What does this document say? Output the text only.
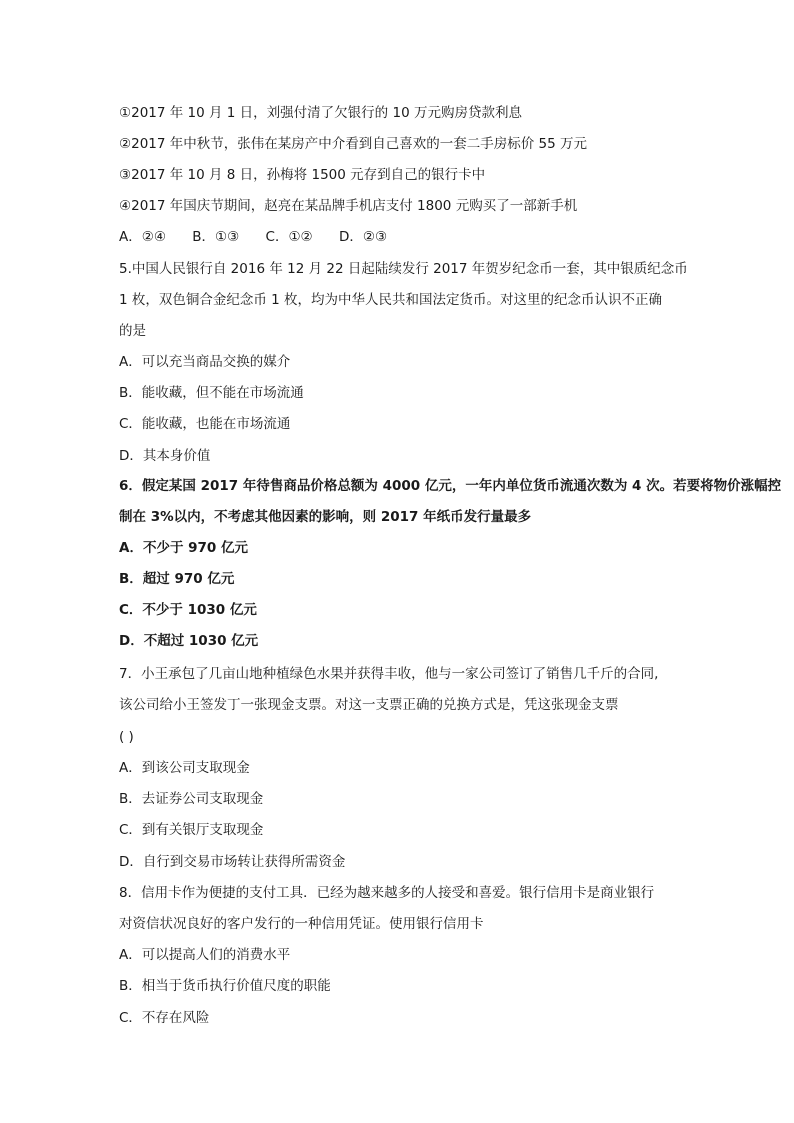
①2017 年 10 月 1 日，刘强付清了欠银行的 10 万元购房贷款利息
②2017 年中秋节，张伟在某房产中介看到自己喜欢的一套二手房标价 55 万元
③2017 年 10 月 8 日，孙梅将 1500 元存到自己的银行卡中
④2017 年国庆节期间，赵亮在某品牌手机店支付 1800 元购买了一部新手机
A．②④ B．①③ C．①② D．②③
5.中国人民银行自 2016 年 12 月 22 日起陆续发行 2017 年贺岁纪念币一套，其中银质纪念币
1 枚，双色铜合金纪念币 1 枚，均为中华人民共和国法定货币。对这里的纪念币认识不正确
的是
A．可以充当商品交换的媒介
B．能收藏，但不能在市场流通
C．能收藏，也能在市场流通
D．其本身价值
6．假定某国 2017 年待售商品价格总额为 4000 亿元，一年内单位货币流通次数为 4 次。若要将物价涨幅控
制在 3%以内，不考虑其他因素的影响，则 2017 年纸币发行量最多
A．不少于 970 亿元
B．超过 970 亿元
C．不少于 1030 亿元
D．不超过 1030 亿元
7．小王承包了几亩山地种植绿色水果并获得丰收，他与一家公司签订了销售几千斤的合同,
该公司给小王签发丁一张现金支票。对这一支票正确的兑换方式是，凭这张现金支票
( )
A．到该公司支取现金
B．去证券公司支取现金
C．到有关银厅支取现金
D．自行到交易市场转让获得所需资金
8．信用卡作为便捷的支付工具．已经为越来越多的人接受和喜爱。银行信用卡是商业银行
对资信状况良好的客户发行的一种信用凭证。使用银行信用卡
A．可以提高人们的消费水平
B．相当于货币执行价值尺度的职能
C．不存在风险
